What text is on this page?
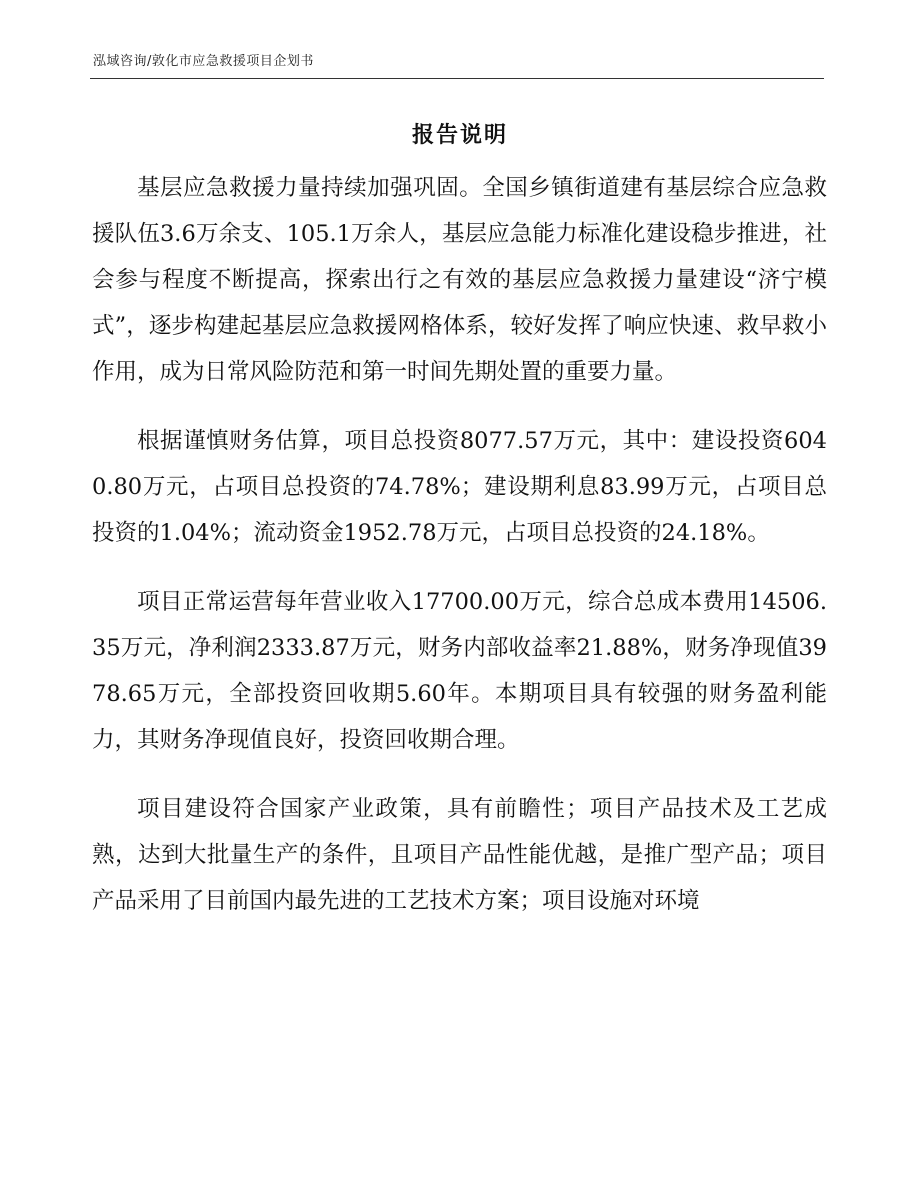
泓域咨询/敦化市应急救援项目企划书
报告说明

基层应急救援力量持续加强巩固。全国乡镇街道建有基层综合应急救援队伍3.6万余支、105.1万余人，基层应急能力标准化建设稳步推进，社会参与程度不断提高，探索出行之有效的基层应急救援力量建设“济宁模式”，逐步构建起基层应急救援网格体系，较好发挥了响应快速、救早救小作用，成为日常风险防范和第一时间先期处置的重要力量。

根据谨慎财务估算，项目总投资8077.57万元，其中：建设投资6040.80万元，占项目总投资的74.78%；建设期利息83.99万元，占项目总投资的1.04%；流动资金1952.78万元，占项目总投资的24.18%。

项目正常运营每年营业收入17700.00万元，综合总成本费用14506.35万元，净利润2333.87万元，财务内部收益率21.88%，财务净现值3978.65万元，全部投资回收期5.60年。本期项目具有较强的财务盈利能力，其财务净现值良好，投资回收期合理。

项目建设符合国家产业政策，具有前瞻性；项目产品技术及工艺成熟，达到大批量生产的条件，且项目产品性能优越，是推广型产品；项目产品采用了目前国内最先进的工艺技术方案；项目设施对环境
